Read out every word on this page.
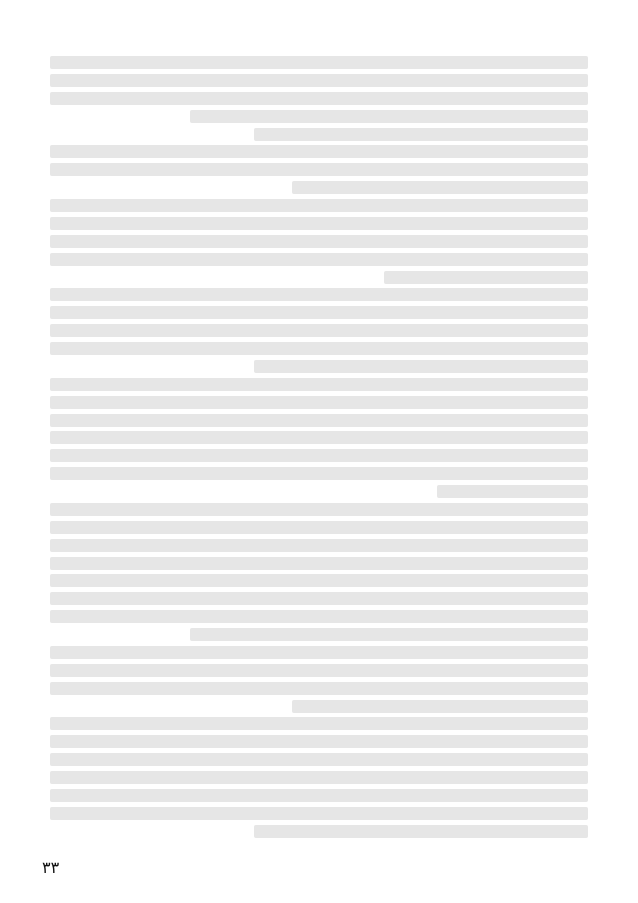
۳۳
